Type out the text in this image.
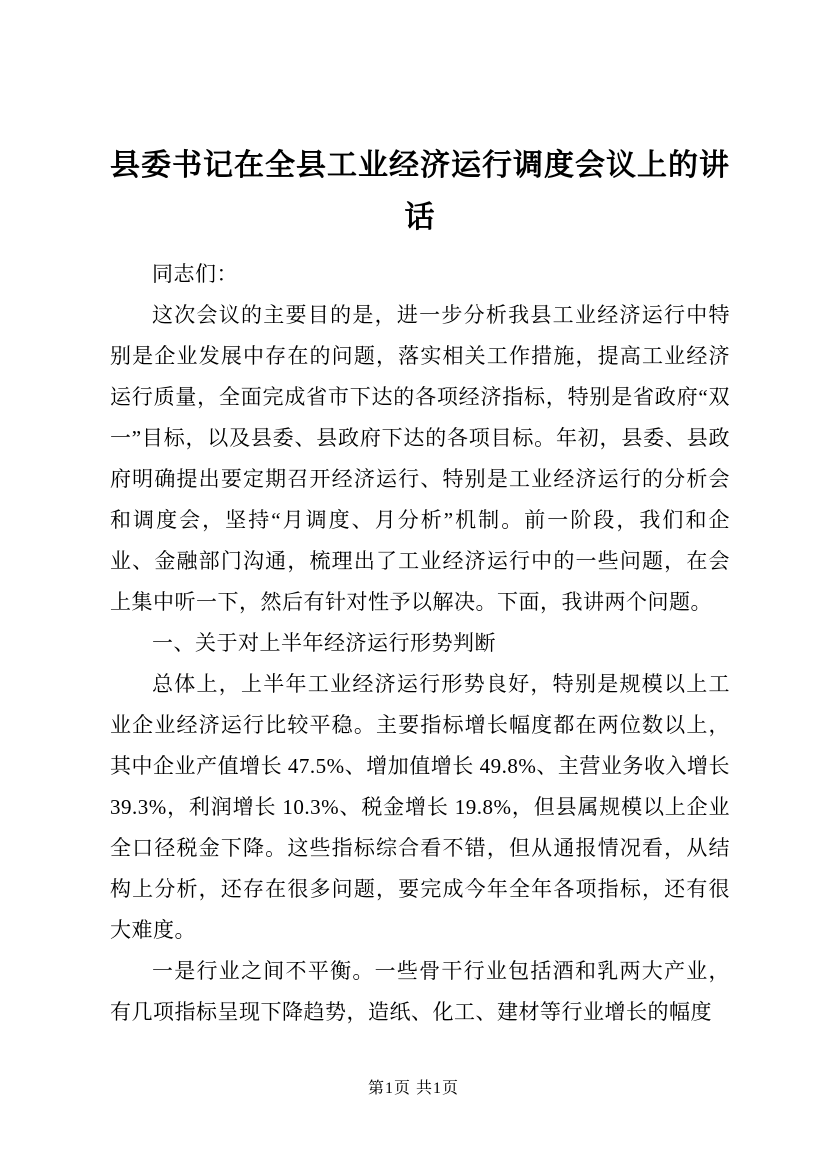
县委书记在全县工业经济运行调度会议上的讲话

同志们：

这次会议的主要目的是，进一步分析我县工业经济运行中特别是企业发展中存在的问题，落实相关工作措施，提高工业经济运行质量，全面完成省市下达的各项经济指标，特别是省政府“双一”目标，以及县委、县政府下达的各项目标。年初，县委、县政府明确提出要定期召开经济运行、特别是工业经济运行的分析会和调度会，坚持“月调度、月分析”机制。前一阶段，我们和企业、金融部门沟通，梳理出了工业经济运行中的一些问题，在会上集中听一下，然后有针对性予以解决。下面，我讲两个问题。

一、关于对上半年经济运行形势判断

总体上，上半年工业经济运行形势良好，特别是规模以上工业企业经济运行比较平稳。主要指标增长幅度都在两位数以上，其中企业产值增长 47.5%、增加值增长 49.8%、主营业务收入增长 39.3%，利润增长 10.3%、税金增长 19.8%，但县属规模以上企业全口径税金下降。这些指标综合看不错，但从通报情况看，从结构上分析，还存在很多问题，要完成今年全年各项指标，还有很大难度。

一是行业之间不平衡。一些骨干行业包括酒和乳两大产业，有几项指标呈现下降趋势，造纸、化工、建材等行业增长的幅度

第1页 共1页
